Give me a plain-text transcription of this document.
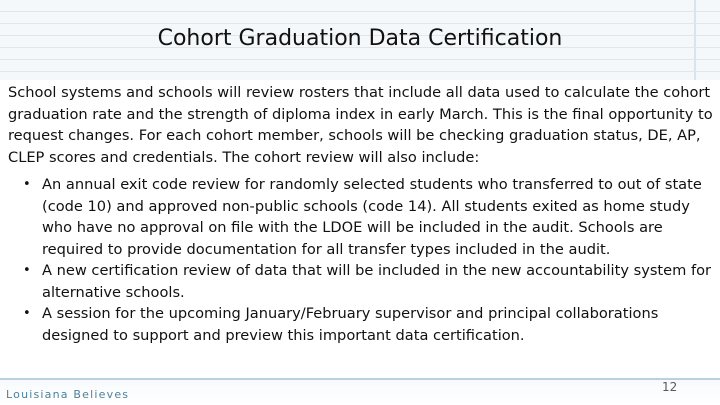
Cohort Graduation Data Certification

School systems and schools will review rosters that include all data used to calculate the cohort graduation rate and the strength of diploma index in early March. This is the final opportunity to request changes. For each cohort member, schools will be checking graduation status, DE, AP, CLEP scores and credentials. The cohort review will also include:

• An annual exit code review for randomly selected students who transferred to out of state (code 10) and approved non-public schools (code 14). All students exited as home study who have no approval on file with the LDOE will be included in the audit. Schools are required to provide documentation for all transfer types included in the audit.
• A new certification review of data that will be included in the new accountability system for alternative schools.
• A session for the upcoming January/February supervisor and principal collaborations designed to support and preview this important data certification.
Louisiana Believes
12
